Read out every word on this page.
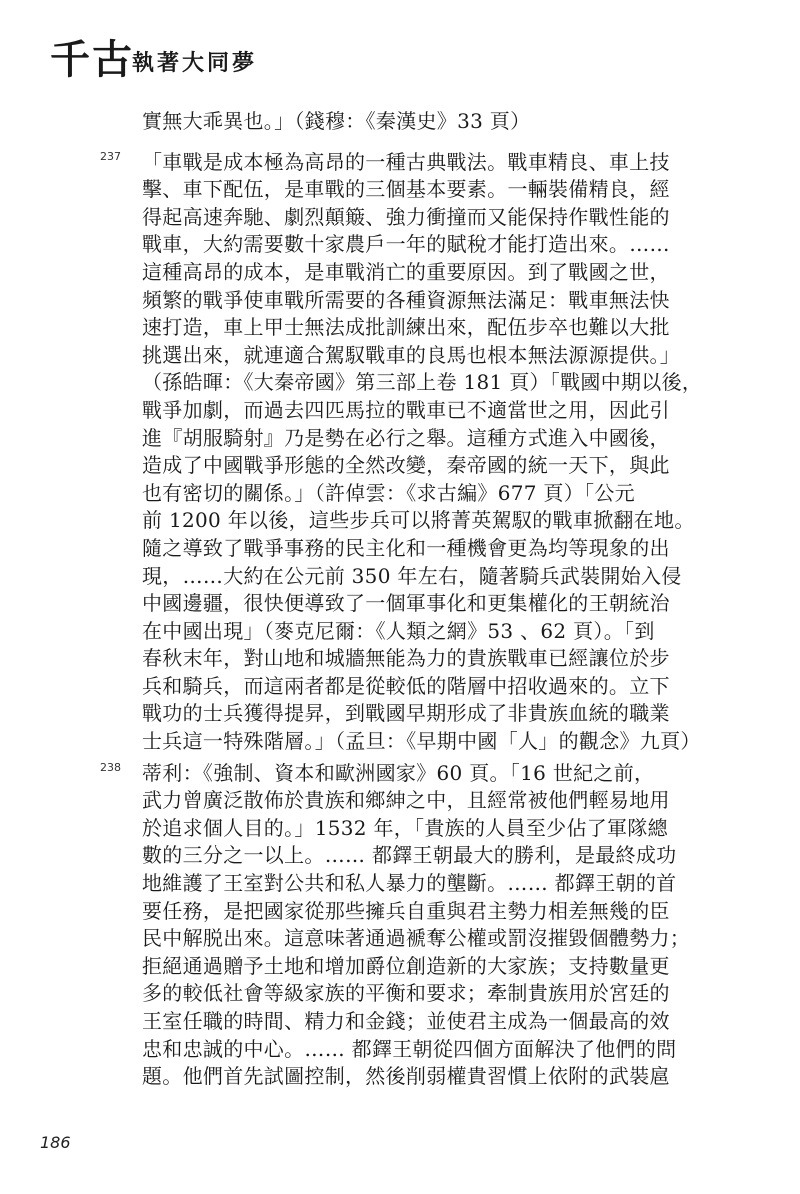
千古
執著大同夢
實無大乖異也。」（錢穆：《秦漢史》33 頁）
237 「車戰是成本極為高昂的一種古典戰法。戰車精良、車上技
擊、車下配伍，是車戰的三個基本要素。一輛裝備精良，經
得起高速奔馳、劇烈顛簸、強力衝撞而又能保持作戰性能的
戰車，大約需要數十家農戶一年的賦稅才能打造出來。……
這種高昂的成本，是車戰消亡的重要原因。到了戰國之世，
頻繁的戰爭使車戰所需要的各種資源無法滿足：戰車無法快
速打造，車上甲士無法成批訓練出來，配伍步卒也難以大批
挑選出來，就連適合駕馭戰車的良馬也根本無法源源提供。」
（孫皓暉：《大秦帝國》第三部上卷 181 頁）「戰國中期以後，
戰爭加劇，而過去四匹馬拉的戰車已不適當世之用，因此引
進『胡服騎射』乃是勢在必行之舉。這種方式進入中國後，
造成了中國戰爭形態的全然改變，秦帝國的統一天下，與此
也有密切的關係。」（許倬雲：《求古編》677 頁）「公元
前 1200 年以後，這些步兵可以將菁英駕馭的戰車掀翻在地。
隨之導致了戰爭事務的民主化和一種機會更為均等現象的出
現，……大約在公元前 350 年左右，隨著騎兵武裝開始入侵
中國邊疆，很快便導致了一個軍事化和更集權化的王朝統治
在中國出現」（麥克尼爾：《人類之網》53 、62 頁）。「到
春秋末年，對山地和城牆無能為力的貴族戰車已經讓位於步
兵和騎兵，而這兩者都是從較低的階層中招收過來的。立下
戰功的士兵獲得提昇，到戰國早期形成了非貴族血統的職業
士兵這一特殊階層。」（孟旦：《早期中國「人」的觀念》九頁）
238 蒂利：《強制、資本和歐洲國家》60 頁。「16 世紀之前，
武力曾廣泛散佈於貴族和鄉紳之中，且經常被他們輕易地用
於追求個人目的。」1532 年，「貴族的人員至少佔了軍隊總
數的三分之一以上。…… 都鐸王朝最大的勝利，是最終成功
地維護了王室對公共和私人暴力的壟斷。…… 都鐸王朝的首
要任務，是把國家從那些擁兵自重與君主勢力相差無幾的臣
民中解脱出來。這意味著通過褫奪公權或罰沒摧毀個體勢力；
拒絕通過贈予土地和增加爵位創造新的大家族；支持數量更
多的較低社會等級家族的平衡和要求；牽制貴族用於宮廷的
王室任職的時間、精力和金錢；並使君主成為一個最高的效
忠和忠誠的中心。…… 都鐸王朝從四個方面解決了他們的問
題。他們首先試圖控制，然後削弱權貴習慣上依附的武裝扈
186
